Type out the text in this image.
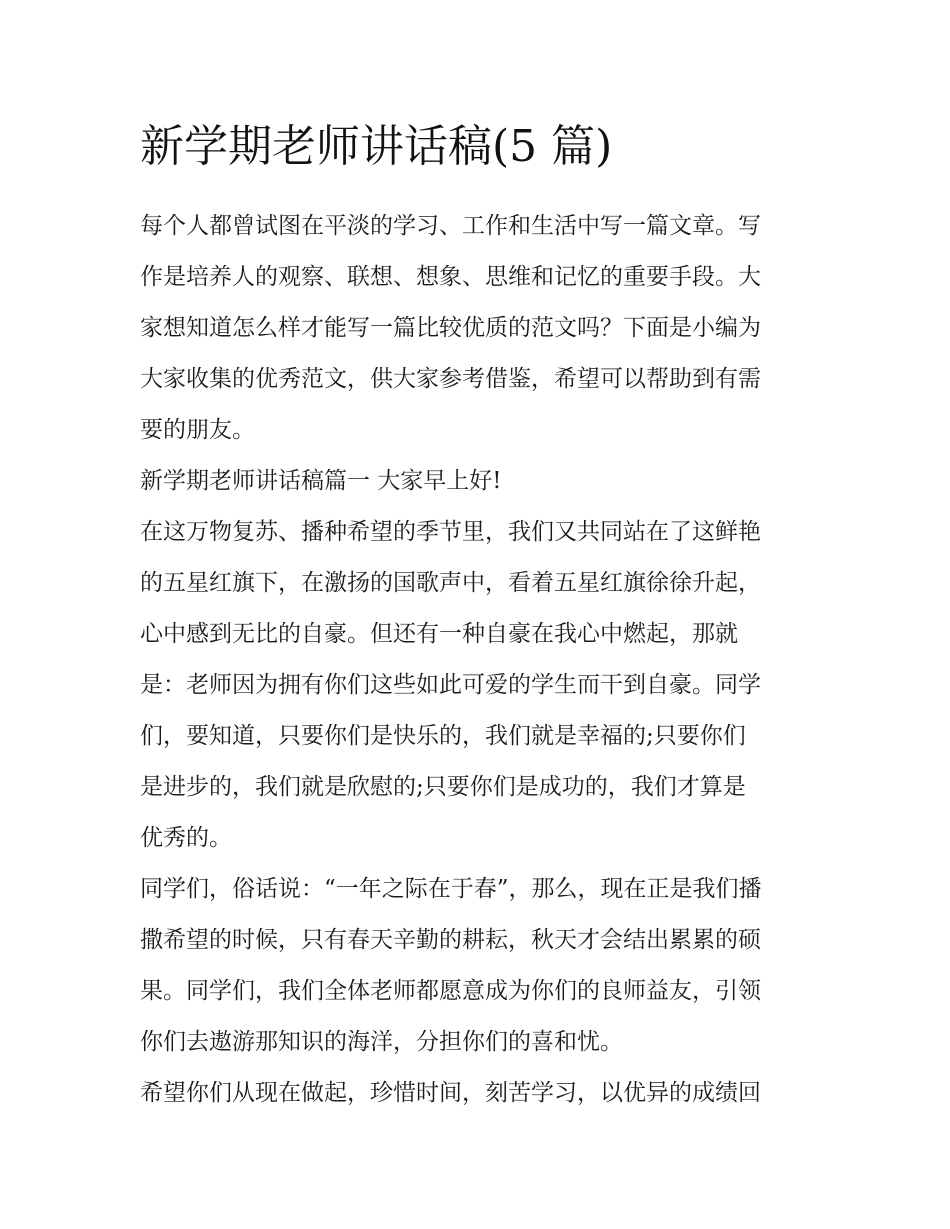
新学期老师讲话稿(5 篇)

每个人都曾试图在平淡的学习、工作和生活中写一篇文章。写
作是培养人的观察、联想、想象、思维和记忆的重要手段。大
家想知道怎么样才能写一篇比较优质的范文吗？下面是小编为
大家收集的优秀范文，供大家参考借鉴，希望可以帮助到有需
要的朋友。

新学期老师讲话稿篇一 大家早上好!

在这万物复苏、播种希望的季节里，我们又共同站在了这鲜艳
的五星红旗下，在激扬的国歌声中，看着五星红旗徐徐升起，
心中感到无比的自豪。但还有一种自豪在我心中燃起，那就
是：老师因为拥有你们这些如此可爱的学生而干到自豪。同学
们，要知道，只要你们是快乐的，我们就是幸福的;只要你们
是进步的，我们就是欣慰的;只要你们是成功的，我们才算是
优秀的。

同学们，俗话说：“一年之际在于春”，那么，现在正是我们播
撒希望的时候，只有春天辛勤的耕耘，秋天才会结出累累的硕
果。同学们，我们全体老师都愿意成为你们的良师益友，引领
你们去遨游那知识的海洋，分担你们的喜和忧。

希望你们从现在做起，珍惜时间，刻苦学习，以优异的成绩回
